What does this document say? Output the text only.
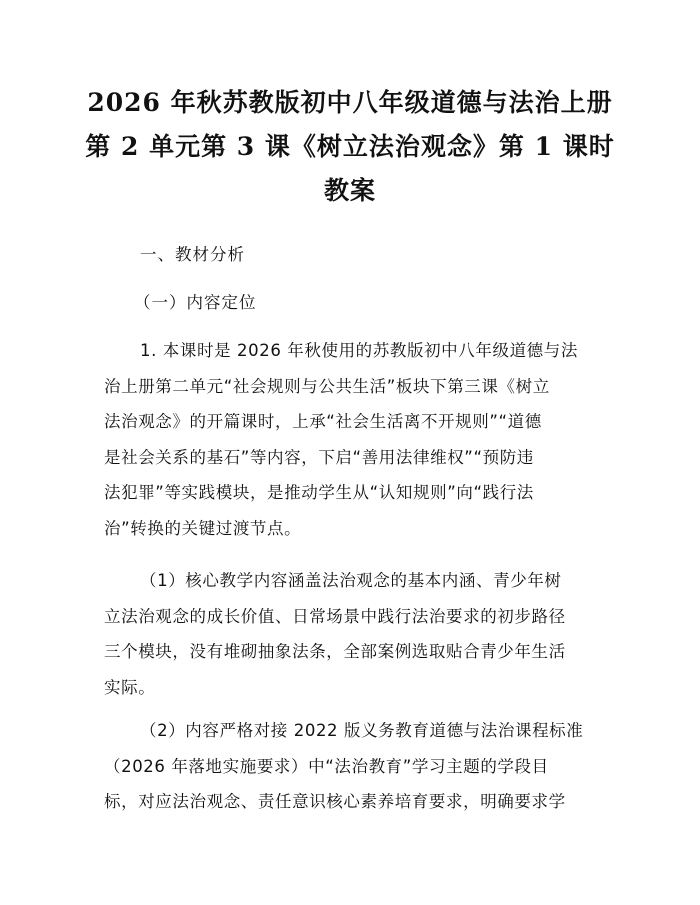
2026 年秋苏教版初中八年级道德与法治上册
第 2 单元第 3 课《树立法治观念》第 1 课时
教案
一、教材分析
（一）内容定位
1. 本课时是 2026 年秋使用的苏教版初中八年级道德与法
治上册第二单元“社会规则与公共生活”板块下第三课《树立
法治观念》的开篇课时，上承“社会生活离不开规则”“道德
是社会关系的基石”等内容，下启“善用法律维权”“预防违
法犯罪”等实践模块，是推动学生从“认知规则”向“践行法
治”转换的关键过渡节点。
（1）核心教学内容涵盖法治观念的基本内涵、青少年树
立法治观念的成长价值、日常场景中践行法治要求的初步路径
三个模块，没有堆砌抽象法条，全部案例选取贴合青少年生活
实际。
（2）内容严格对接 2022 版义务教育道德与法治课程标准
（2026 年落地实施要求）中“法治教育”学习主题的学段目
标，对应法治观念、责任意识核心素养培育要求，明确要求学
